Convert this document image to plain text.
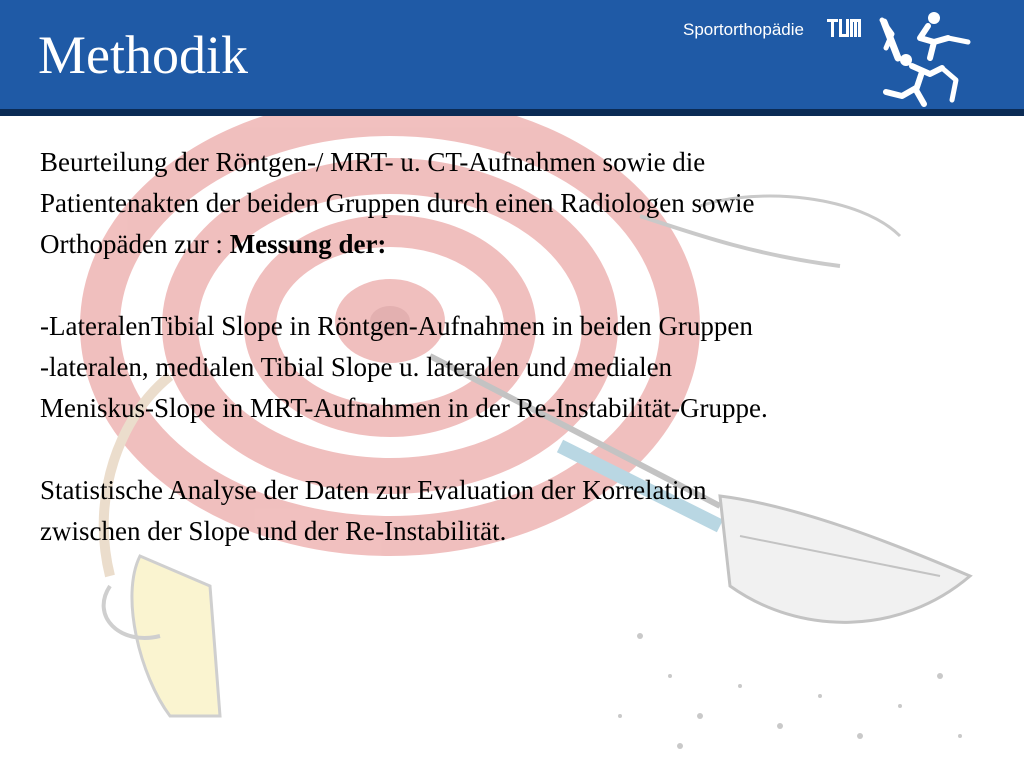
Methodik	Sportorthopädie

Beurteilung der Röntgen-/ MRT- u. CT-Aufnahmen sowie die
Patientenakten der beiden Gruppen durch einen Radiologen sowie
Orthopäden zur : Messung der:

-LateralenTibial Slope in Röntgen-Aufnahmen in beiden Gruppen
-lateralen, medialen Tibial Slope u. lateralen und medialen
Meniskus-Slope in MRT-Aufnahmen in der Re-Instabilität-Gruppe.

Statistische Analyse der Daten zur Evaluation der Korrelation
zwischen der Slope und der Re-Instabilität.
